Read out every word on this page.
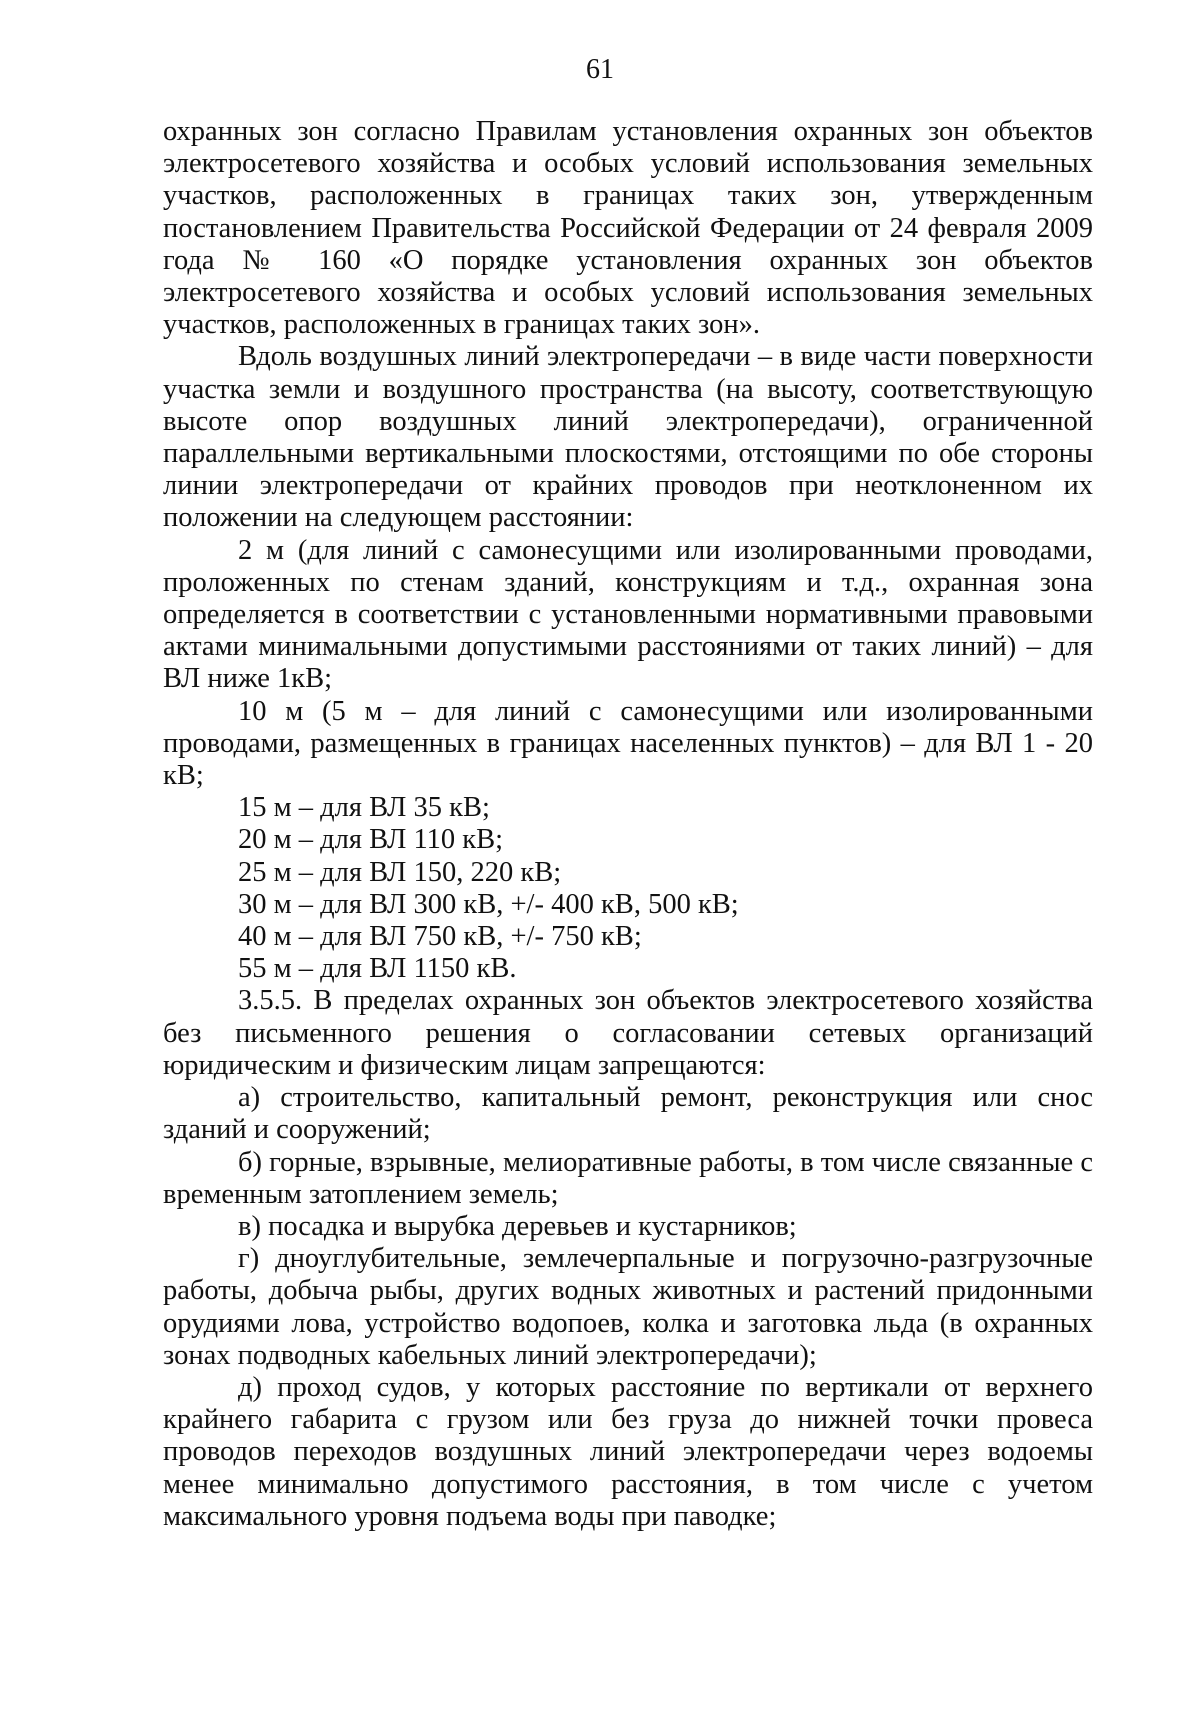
61

охранных зон согласно Правилам установления охранных зон объектов электросетевого хозяйства и особых условий использования земельных участков, расположенных в границах таких зон, утвержденным постановлением Правительства Российской Федерации от 24 февраля 2009 года № 160 «О порядке установления охранных зон объектов электросетевого хозяйства и особых условий использования земельных участков, расположенных в границах таких зон».

Вдоль воздушных линий электропередачи – в виде части поверхности участка земли и воздушного пространства (на высоту, соответствующую высоте опор воздушных линий электропередачи), ограниченной параллельными вертикальными плоскостями, отстоящими по обе стороны линии электропередачи от крайних проводов при неотклоненном их положении на следующем расстоянии:

2 м (для линий с самонесущими или изолированными проводами, проложенных по стенам зданий, конструкциям и т.д., охранная зона определяется в соответствии с установленными нормативными правовыми актами минимальными допустимыми расстояниями от таких линий) – для ВЛ ниже 1кВ;

10 м (5 м – для линий с самонесущими или изолированными проводами, размещенных в границах населенных пунктов) – для ВЛ 1 - 20 кВ;

15 м – для ВЛ 35 кВ;

20 м – для ВЛ 110 кВ;

25 м – для ВЛ 150, 220 кВ;

30 м – для ВЛ 300 кВ, +/- 400 кВ, 500 кВ;

40 м – для ВЛ 750 кВ, +/- 750 кВ;

55 м – для ВЛ 1150 кВ.

3.5.5. В пределах охранных зон объектов электросетевого хозяйства без письменного решения о согласовании сетевых организаций юридическим и физическим лицам запрещаются:

а) строительство, капитальный ремонт, реконструкция или снос зданий и сооружений;

б) горные, взрывные, мелиоративные работы, в том числе связанные с временным затоплением земель;

в) посадка и вырубка деревьев и кустарников;

г) дноуглубительные, землечерпальные и погрузочно-разгрузочные работы, добыча рыбы, других водных животных и растений придонными орудиями лова, устройство водопоев, колка и заготовка льда (в охранных зонах подводных кабельных линий электропередачи);

д) проход судов, у которых расстояние по вертикали от верхнего крайнего габарита с грузом или без груза до нижней точки провеса проводов переходов воздушных линий электропередачи через водоемы менее минимально допустимого расстояния, в том числе с учетом максимального уровня подъема воды при паводке;
